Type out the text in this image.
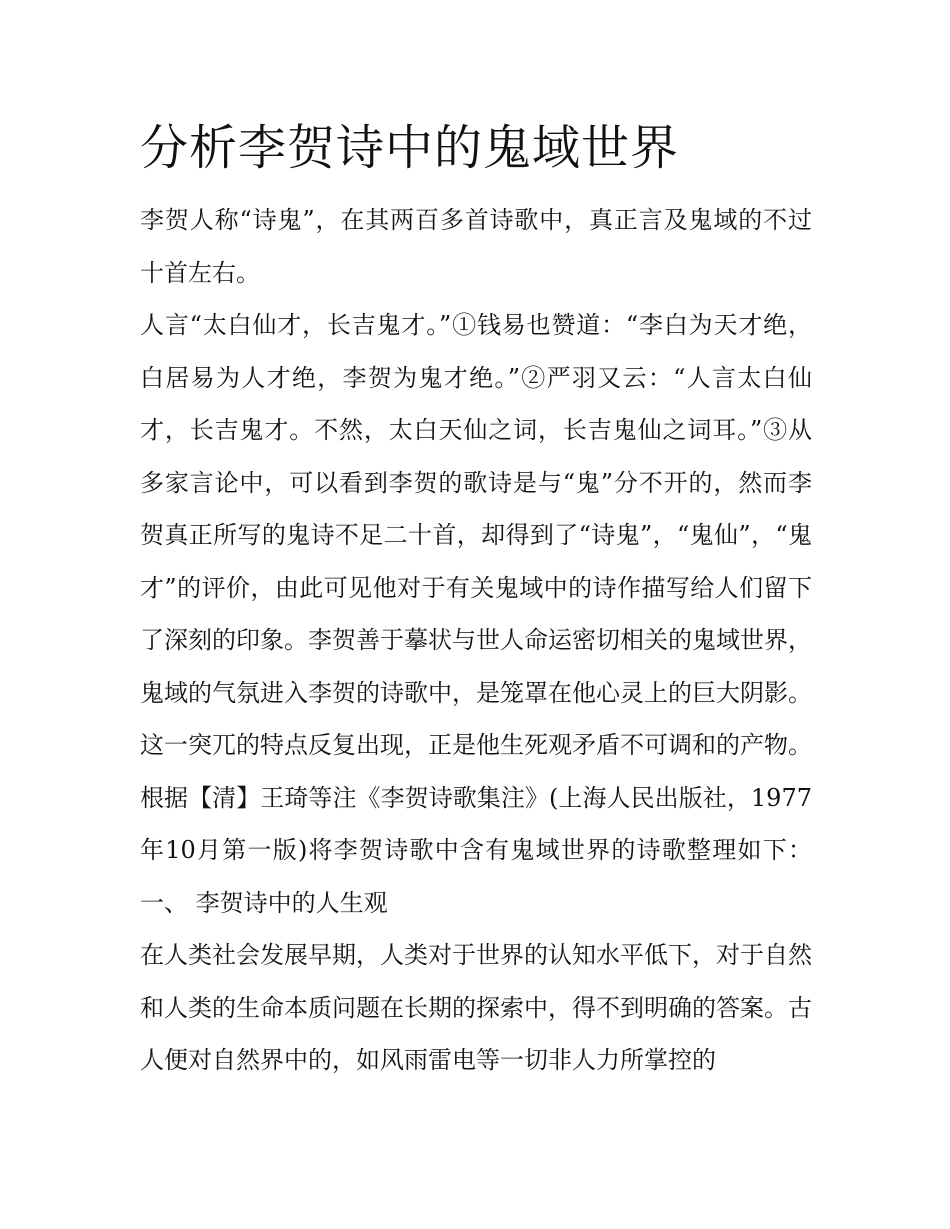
分析李贺诗中的鬼域世界

李贺人称“诗鬼”，在其两百多首诗歌中，真正言及鬼域的不过十首左右。

人言“太白仙才，长吉鬼才。”①钱易也赞道：“李白为天才绝，白居易为人才绝，李贺为鬼才绝。”②严羽又云：“人言太白仙才，长吉鬼才。不然，太白天仙之词，长吉鬼仙之词耳。”③从多家言论中，可以看到李贺的歌诗是与“鬼”分不开的，然而李贺真正所写的鬼诗不足二十首，却得到了“诗鬼”，“鬼仙”，“鬼才”的评价，由此可见他对于有关鬼域中的诗作描写给人们留下了深刻的印象。李贺善于摹状与世人命运密切相关的鬼域世界，鬼域的气氛进入李贺的诗歌中，是笼罩在他心灵上的巨大阴影。这一突兀的特点反复出现，正是他生死观矛盾不可调和的产物。

根据【清】王琦等注《李贺诗歌集注》(上海人民出版社，1977年10月第一版)将李贺诗歌中含有鬼域世界的诗歌整理如下： 一、 李贺诗中的人生观

在人类社会发展早期，人类对于世界的认知水平低下，对于自然和人类的生命本质问题在长期的探索中，得不到明确的答案。古人便对自然界中的，如风雨雷电等一切非人力所掌控的
